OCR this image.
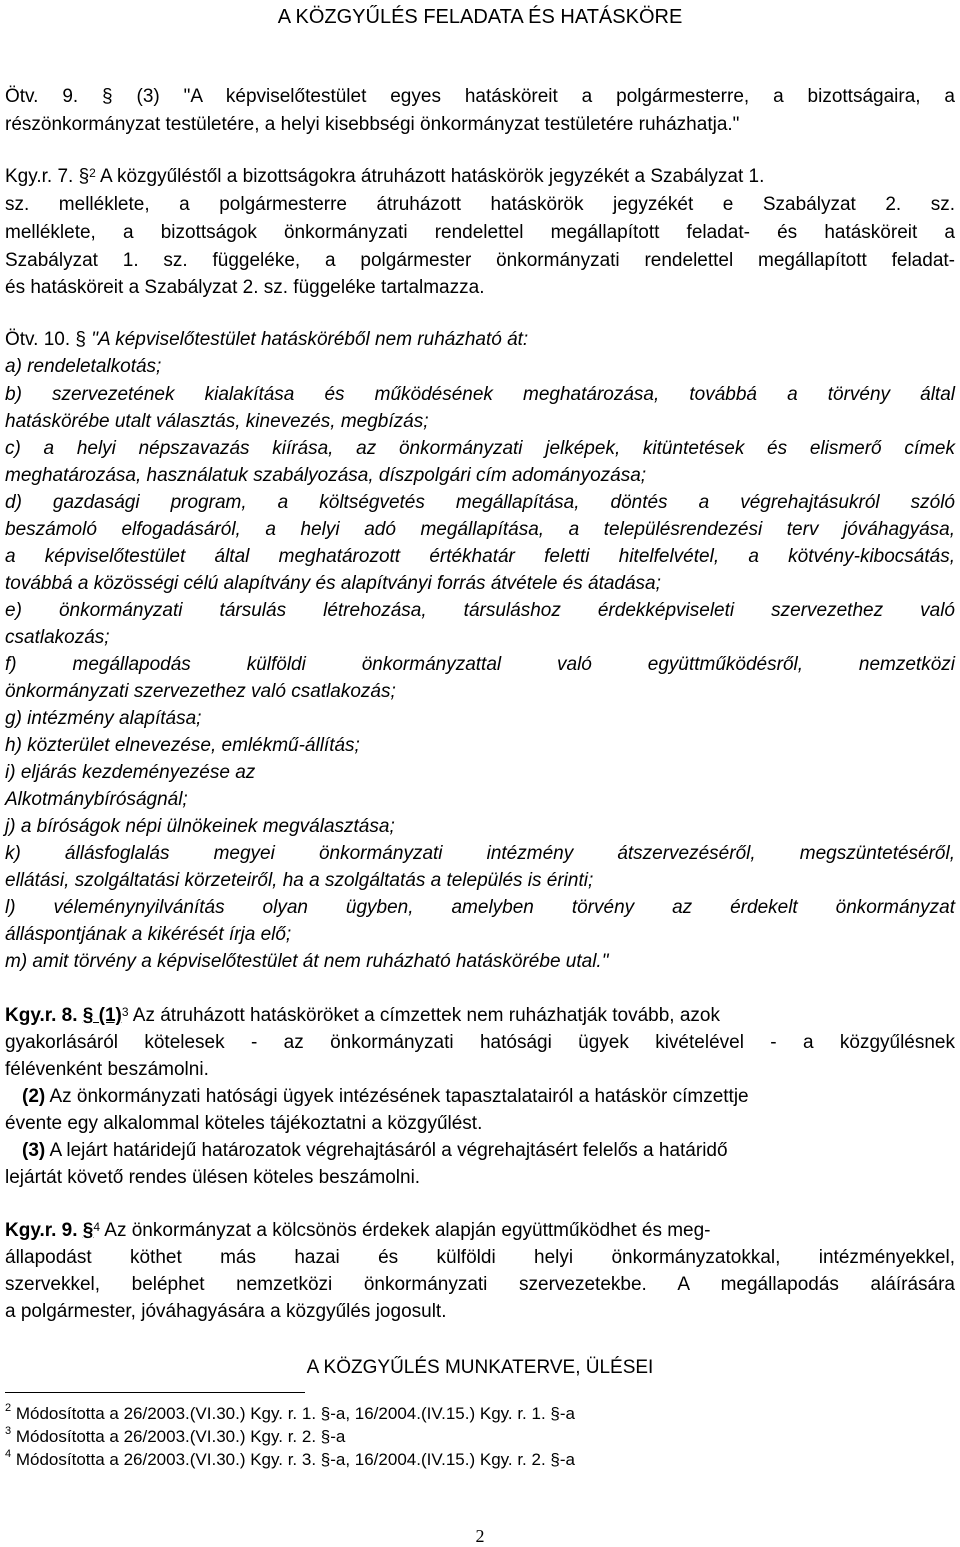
A KÖZGYŰLÉS FELADATA ÉS HATÁSKÖRE
Ötv. 9. § (3) "A képviselőtestület egyes hatásköreit a polgármesterre, a bizottságaira, a
részönkormányzat testületére, a helyi kisebbségi önkormányzat testületére ruházhatja."
Kgy.r. 7. §$^2$ A közgyűléstől a bizottságokra átruházott hatáskörök jegyzékét a Szabályzat 1.
sz. melléklete, a polgármesterre átruházott hatáskörök jegyzékét e Szabályzat 2. sz.
melléklete, a bizottságok önkormányzati rendelettel megállapított feladat- és hatásköreit a
Szabályzat 1. sz. függeléke, a polgármester önkormányzati rendelettel megállapított feladat-
és hatásköreit a Szabályzat 2. sz. függeléke tartalmazza.
Ötv. 10. § "A képviselőtestület hatásköréből nem ruházható át:
a) rendeletalkotás;
b) szervezetének kialakítása és működésének meghatározása, továbbá a törvény által
hatáskörébe utalt választás, kinevezés, megbízás;
c) a helyi népszavazás kiírása, az önkormányzati jelképek, kitüntetések és elismerő címek
meghatározása, használatuk szabályozása, díszpolgári cím adományozása;
d) gazdasági program, a költségvetés megállapítása, döntés a végrehajtásukról szóló
beszámoló elfogadásáról, a helyi adó megállapítása, a településrendezési terv jóváhagyása,
a képviselőtestület által meghatározott értékhatár feletti hitelfelvétel, a kötvény-kibocsátás,
továbbá a közösségi célú alapítvány és alapítványi forrás átvétele és átadása;
e) önkormányzati társulás létrehozása, társuláshoz érdekképviseleti szervezethez való
csatlakozás;
f) megállapodás külföldi önkormányzattal való együttműködésről, nemzetközi
önkormányzati szervezethez való csatlakozás;
g) intézmény alapítása;
h) közterület elnevezése, emlékmű-állítás;
i) eljárás kezdeményezése az
Alkotmánybíróságnál;
j) a bíróságok népi ülnökeinek megválasztása;
k) állásfoglalás megyei önkormányzati intézmény átszervezéséről, megszüntetéséről,
ellátási, szolgáltatási körzeteiről, ha a szolgáltatás a település is érinti;
l) véleménynyilvánítás olyan ügyben, amelyben törvény az érdekelt önkormányzat
álláspontjának a kikérését írja elő;
m) amit törvény a képviselőtestület át nem ruházható hatáskörébe utal."
Kgy.r. 8. § $(1)^3$ Az átruházott hatásköröket a címzettek nem ruházhatják tovább, azok
gyakorlásáról kötelesek - az önkormányzati hatósági ügyek kivételével - a közgyűlésnek
félévenként beszámolni.
(2) Az önkormányzati hatósági ügyek intézésének tapasztalatairól a hatáskör címzettje
évente egy alkalommal köteles tájékoztatni a közgyűlést.
(3) A lejárt határidejű határozatok végrehajtásáról a végrehajtásért felelős a határidő
lejártát követő rendes ülésen köteles beszámolni.
Kgy.r. 9. §$^4$ Az önkormányzat a kölcsönös érdekek alapján együttműködhet és meg-
állapodást köthet más hazai és külföldi helyi önkormányzatokkal, intézményekkel,
szervekkel, beléphet nemzetközi önkormányzati szervezetekbe. A megállapodás aláírására
a polgármester, jóváhagyására a közgyűlés jogosult.
A KÖZGYŰLÉS MUNKATERVE, ÜLÉSEI
$^2$ Módosította a 26/2003.(VI.30.) Kgy. r. 1. §-a, 16/2004.(IV.15.) Kgy. r. 1. §-a
$^3$ Módosította a 26/2003.(VI.30.) Kgy. r. 2. §-a
$^4$ Módosította a 26/2003.(VI.30.) Kgy. r. 3. §-a, 16/2004.(IV.15.) Kgy. r. 2. §-a
2
